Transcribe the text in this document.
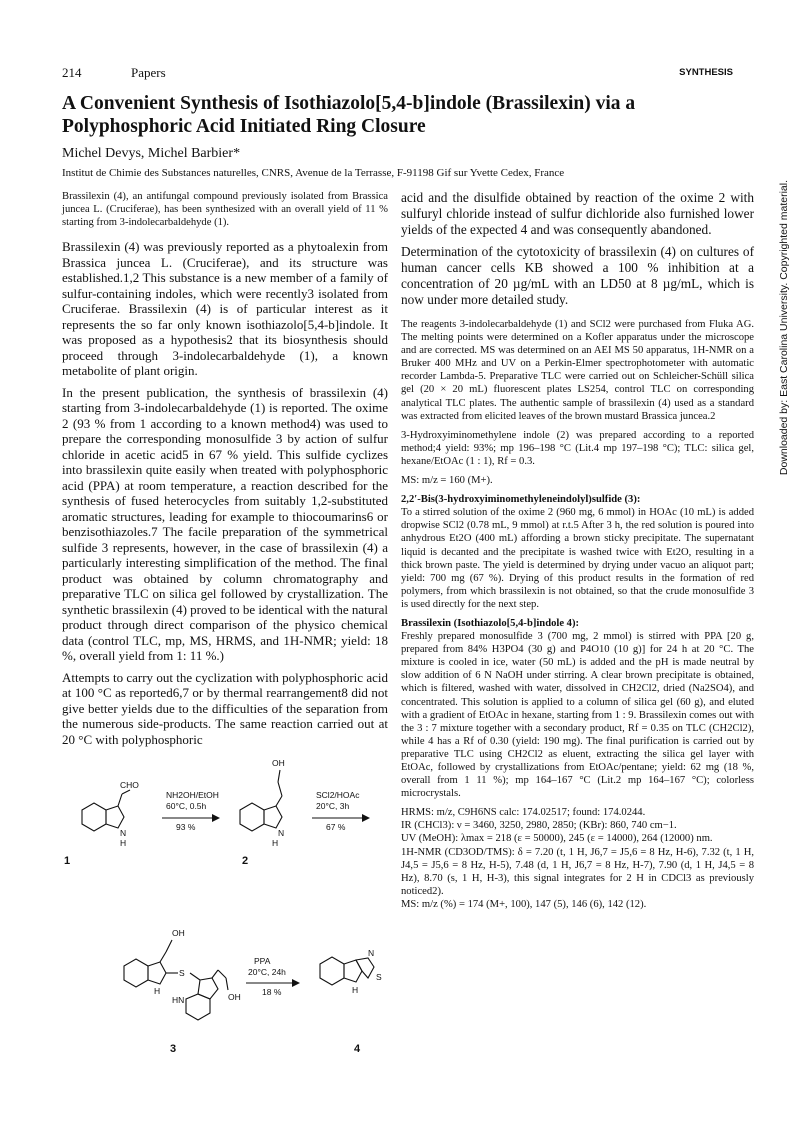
214	Papers	SYNTHESIS
A Convenient Synthesis of Isothiazolo[5,4-b]indole (Brassilexin) via a Polyphosphoric Acid Initiated Ring Closure
Michel Devys, Michel Barbier*
Institut de Chimie des Substances naturelles, CNRS, Avenue de la Terrasse, F-91198 Gif sur Yvette Cedex, France
Brassilexin (4), an antifungal compound previously isolated from Brassica juncea L. (Cruciferae), has been synthesized with an overall yield of 11 % starting from 3-indolecarbaldehyde (1).

Brassilexin (4) was previously reported as a phytoalexin from Brassica juncea L. (Cruciferae), and its structure was established.1,2 This substance is a new member of a family of sulfur-containing indoles, which were recently3 isolated from Cruciferae. Brassilexin (4) is of particular interest as it represents the so far only known isothiazolo[5,4-b]indole. It was proposed as a hypothesis2 that its biosynthesis should proceed through 3-indolecarbaldehyde (1), a known metabolite of plant origin.

In the present publication, the synthesis of brassilexin (4) starting from 3-indolecarbaldehyde (1) is reported. The oxime 2 (93 % from 1 according to a known method4) was used to prepare the corresponding monosulfide 3 by action of sulfur chloride in acetic acid5 in 67 % yield. This sulfide cyclizes into brassilexin quite easily when treated with polyphosphoric acid (PPA) at room temperature, a reaction described for the synthesis of fused heterocycles from suitably 1,2-substituted aromatic structures, leading for example to thiocoumarins6 or benzisothiazoles.7 The facile preparation of the symmetrical sulfide 3 represents, however, in the case of brassilexin (4) a particularly interesting simplification of the method. The final product was obtained by column chromatography and preparative TLC on silica gel followed by crystallization. The synthetic brassilexin (4) proved to be identical with the natural product through direct comparison of the physico chemical data (control TLC, mp, MS, HRMS, and 1H-NMR; yield: 18 %, overall yield from 1: 11 %.)

Attempts to carry out the cyclization with polyphosphoric acid at 100 °C as reported6,7 or by thermal rearrangement8 did not give better yields due to the difficulties of the separation from the numerous side-products. The same reaction carried out at 20 °C with polyphosphoric

acid and the disulfide obtained by reaction of the oxime 2 with sulfuryl chloride instead of sulfur dichloride also furnished lower yields of the expected 4 and was consequently abandoned.

Determination of the cytotoxicity of brassilexin (4) on cultures of human cancer cells KB showed a 100 % inhibition at a concentration of 20 µg/mL with an LD50 at 8 µg/mL, which is now under more detailed study.

The reagents 3-indolecarbaldehyde (1) and SCl2 were purchased from Fluka AG. The melting points were determined on a Kofler apparatus under the microscope and are corrected. MS was determined on an AEI MS 50 apparatus, 1H-NMR on a Bruker 400 MHz and UV on a Perkin-Elmer spectrophotometer with automatic recorder Lambda-5. Preparative TLC were carried out on Schleicher-Schüll silica gel (20 × 20 mL) fluorescent plates LS254, control TLC on corresponding analytical TLC plates. The authentic sample of brassilexin (4) used as a standard was extracted from elicited leaves of the brown mustard Brassica juncea.2

3-Hydroxyiminomethylene indole (2) was prepared according to a reported method;4 yield: 93%; mp 196–198 °C (Lit.4 mp 197–198 °C); TLC: silica gel, hexane/EtOAc (1 : 1), Rf = 0.3.

MS: m/z = 160 (M+).

2,2′-Bis(3-hydroxyiminomethyleneindolyl)sulfide (3):

To a stirred solution of the oxime 2 (960 mg, 6 mmol) in HOAc (10 mL) is added dropwise SCl2 (0.78 mL, 9 mmol) at r.t.5 After 3 h, the red solution is poured into anhydrous Et2O (400 mL) affording a brown sticky precipitate. The supernatant liquid is decanted and the precipitate is washed twice with Et2O, resulting in a thick brown paste. The yield is determined by drying under vacuo an aliquot part; yield: 700 mg (67 %). Drying of this product results in the formation of red polymers, from which brassilexin is not obtained, so that the crude monosulfide 3 is used directly for the next step.

Brassilexin (Isothiazolo[5,4-b]indole 4):

Freshly prepared monosulfide 3 (700 mg, 2 mmol) is stirred with PPA [20 g, prepared from 84% H3PO4 (30 g) and P4O10 (10 g)] for 24 h at 20 °C. The mixture is cooled in ice, water (50 mL) is added and the pH is made neutral by slow addition of 6 N NaOH under stirring. A clear brown precipitate is obtained, which is filtered, washed with water, dissolved in CH2Cl2, dried (Na2SO4), and concentrated. This solution is applied to a column of silica gel (60 g), and eluted with a gradient of EtOAc in hexane, starting from 1 : 9. Brassilexin comes out with the 3 : 7 mixture together with a secondary product, Rf = 0.35 on TLC (CH2Cl2), while 4 has a Rf of 0.30 (yield: 190 mg). The final purification is carried out by preparative TLC using CH2Cl2 as eluent, extracting the silica gel layer with EtOAc, followed by crystallizations from EtOAc/pentane; yield: 62 mg (18 %, overall from 1 11 %); mp 164–167 °C (Lit.2 mp 164–167 °C); colorless microcrystals.

HRMS: m/z, C9H6NS calc: 174.02517; found: 174.0244.
IR (CHCl3): ν = 3460, 3250, 2980, 2850; (KBr): 860, 740 cm−1.
UV (MeOH): λmax = 218 (ε = 50000), 245 (ε = 14000), 264 (12000) nm.
1H-NMR (CD3OD/TMS): δ = 7.20 (t, 1 H, J6,7 = J5,6 = 8 Hz, H-6), 7.32 (t, 1 H, J4,5 = J5,6 = 8 Hz, H-5), 7.48 (d, 1 H, J6,7 = 8 Hz, H-7), 7.90 (d, 1 H, J4,5 = 8 Hz), 8.70 (s, 1 H, H-3), this signal integrates for 2 H in CDCl3 as previously noticed2).
MS: m/z (%) = 174 (M+, 100), 147 (5), 146 (6), 142 (12).
CHO
N
H
OH
N
H
OH
H
S
HN	OH
N
S
H
NH2OH/EtOH
60°C, 0.5h
93 %
SCl2/HOAc
20°C, 3h
67 %
PPA
20°C, 24h
18 %
1	2
3	4
Downloaded by: East Carolina University. Copyrighted material.
